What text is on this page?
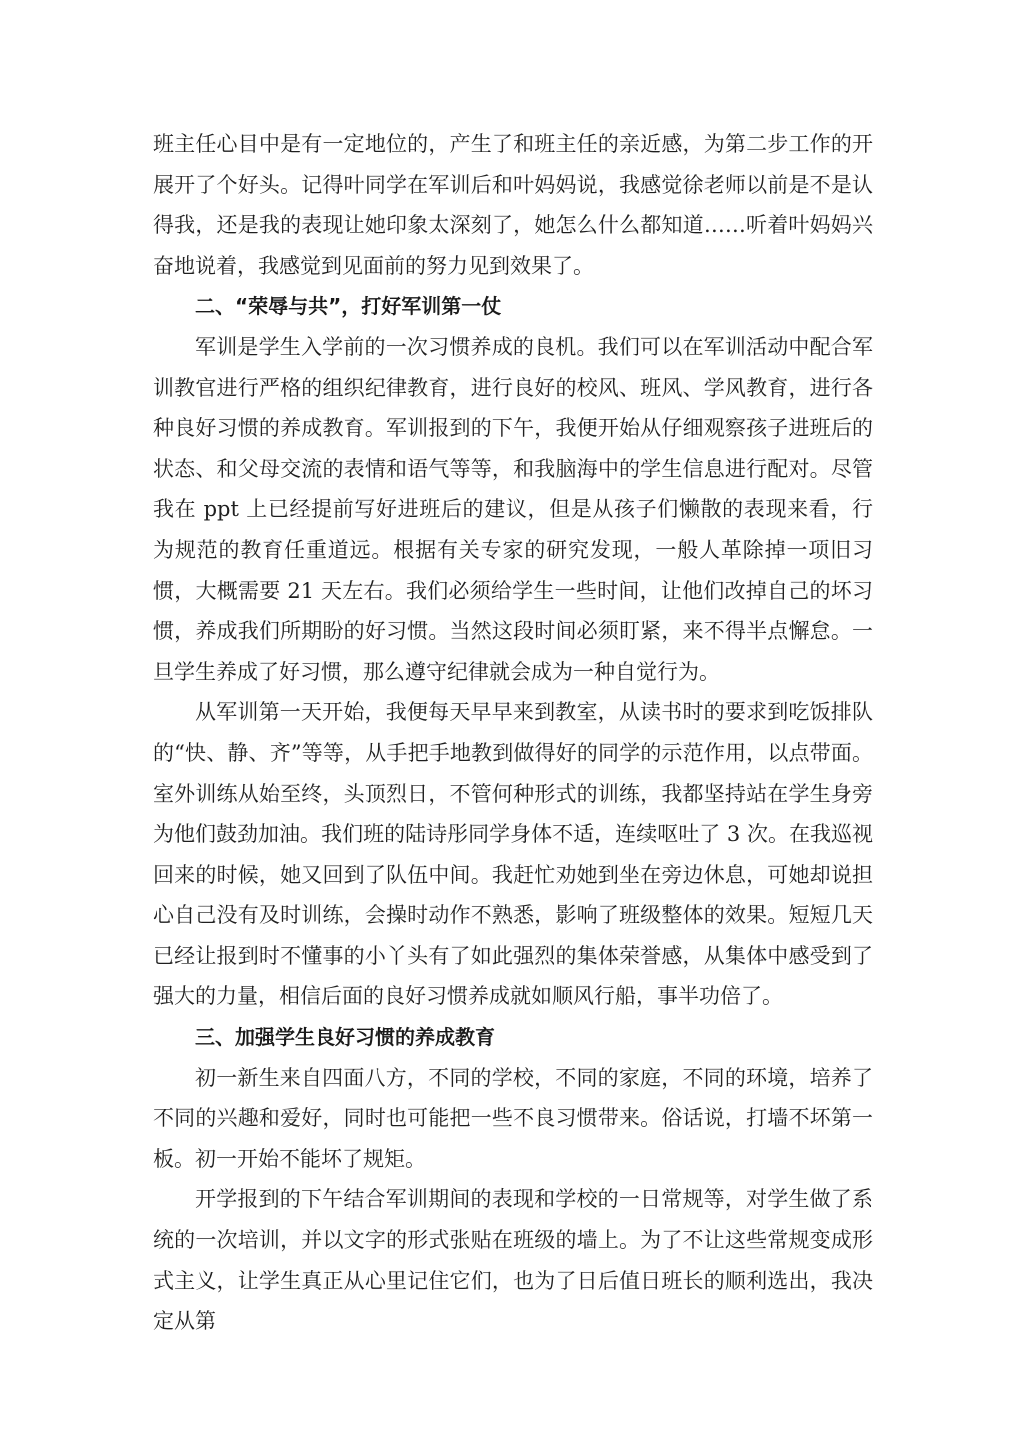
班主任心目中是有一定地位的，产生了和班主任的亲近感，为第二步工作的开展开了个好头。记得叶同学在军训后和叶妈妈说，我感觉徐老师以前是不是认得我，还是我的表现让她印象太深刻了，她怎么什么都知道……听着叶妈妈兴奋地说着，我感觉到见面前的努力见到效果了。

二、“荣辱与共”，打好军训第一仗

军训是学生入学前的一次习惯养成的良机。我们可以在军训活动中配合军训教官进行严格的组织纪律教育，进行良好的校风、班风、学风教育，进行各种良好习惯的养成教育。军训报到的下午，我便开始从仔细观察孩子进班后的状态、和父母交流的表情和语气等等，和我脑海中的学生信息进行配对。尽管我在 ppt 上已经提前写好进班后的建议，但是从孩子们懒散的表现来看，行为规范的教育任重道远。根据有关专家的研究发现，一般人革除掉一项旧习惯，大概需要 21 天左右。我们必须给学生一些时间，让他们改掉自己的坏习惯，养成我们所期盼的好习惯。当然这段时间必须盯紧，来不得半点懈怠。一旦学生养成了好习惯，那么遵守纪律就会成为一种自觉行为。

从军训第一天开始，我便每天早早来到教室，从读书时的要求到吃饭排队的“快、静、齐”等等，从手把手地教到做得好的同学的示范作用，以点带面。室外训练从始至终，头顶烈日，不管何种形式的训练，我都坚持站在学生身旁为他们鼓劲加油。我们班的陆诗彤同学身体不适，连续呕吐了 3 次。在我巡视回来的时候，她又回到了队伍中间。我赶忙劝她到坐在旁边休息，可她却说担心自己没有及时训练，会操时动作不熟悉，影响了班级整体的效果。短短几天已经让报到时不懂事的小丫头有了如此强烈的集体荣誉感，从集体中感受到了强大的力量，相信后面的良好习惯养成就如顺风行船，事半功倍了。

三、加强学生良好习惯的养成教育

初一新生来自四面八方，不同的学校，不同的家庭，不同的环境，培养了不同的兴趣和爱好，同时也可能把一些不良习惯带来。俗话说，打墙不坏第一板。初一开始不能坏了规矩。

开学报到的下午结合军训期间的表现和学校的一日常规等，对学生做了系统的一次培训，并以文字的形式张贴在班级的墙上。为了不让这些常规变成形式主义，让学生真正从心里记住它们，也为了日后值日班长的顺利选出，我决定从第
